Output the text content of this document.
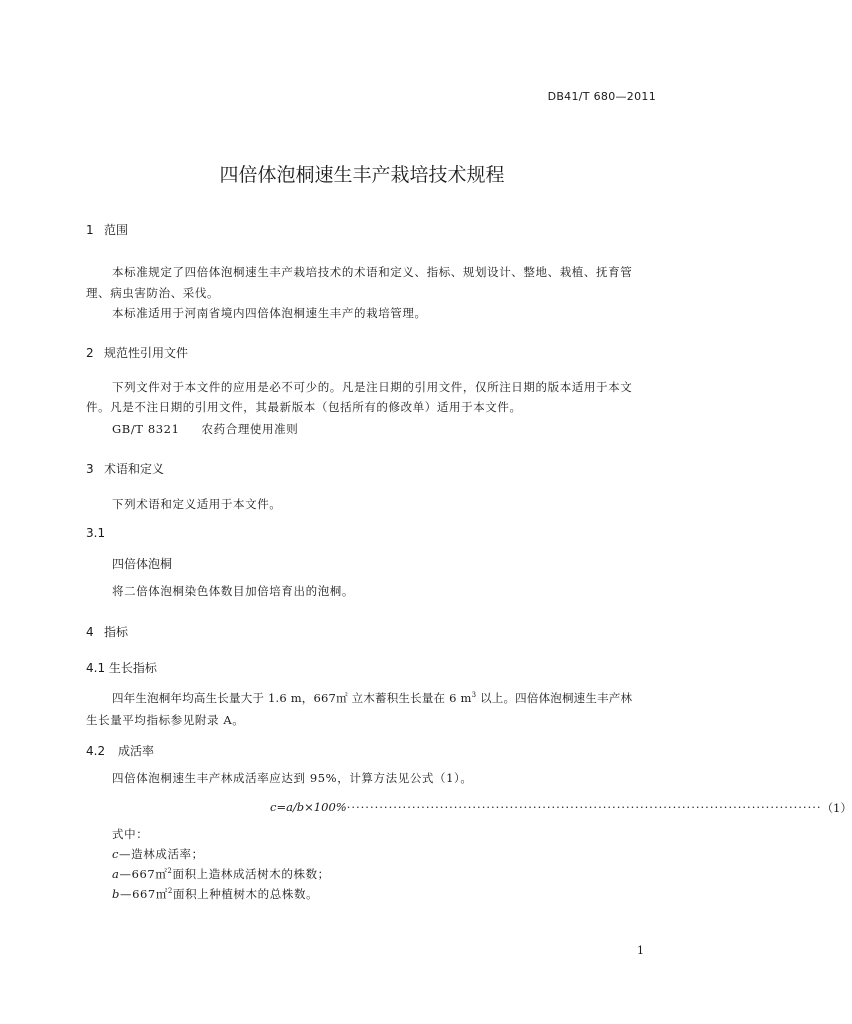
DB41/T 680—2011
四倍体泡桐速生丰产栽培技术规程
1 范围
本标准规定了四倍体泡桐速生丰产栽培技术的术语和定义、指标、规划设计、整地、栽植、抚育管
理、病虫害防治、采伐。
本标准适用于河南省境内四倍体泡桐速生丰产的栽培管理。
2 规范性引用文件
下列文件对于本文件的应用是必不可少的。凡是注日期的引用文件，仅所注日期的版本适用于本文
件。凡是不注日期的引用文件，其最新版本（包括所有的修改单）适用于本文件。
GB/T 8321 农药合理使用准则
3 术语和定义
下列术语和定义适用于本文件。
3.1
四倍体泡桐
将二倍体泡桐染色体数目加倍培育出的泡桐。
4 指标
4.1 生长指标
四年生泡桐年均高生长量大于 1.6 m，667㎡ 立木蓄积生长量在 6 $m^3$ 以上。四倍体泡桐速生丰产林
生长量平均指标参见附录 A。
4.2 成活率
四倍体泡桐速生丰产林成活率应达到 95%，计算方法见公式（1）。
c=a/b×100% ······································································································ （1）
式中：
c—造林成活率；
a—667㎡$^2$面积上造林成活树木的株数；
b—667㎡$^2$面积上种植树木的总株数。
1
